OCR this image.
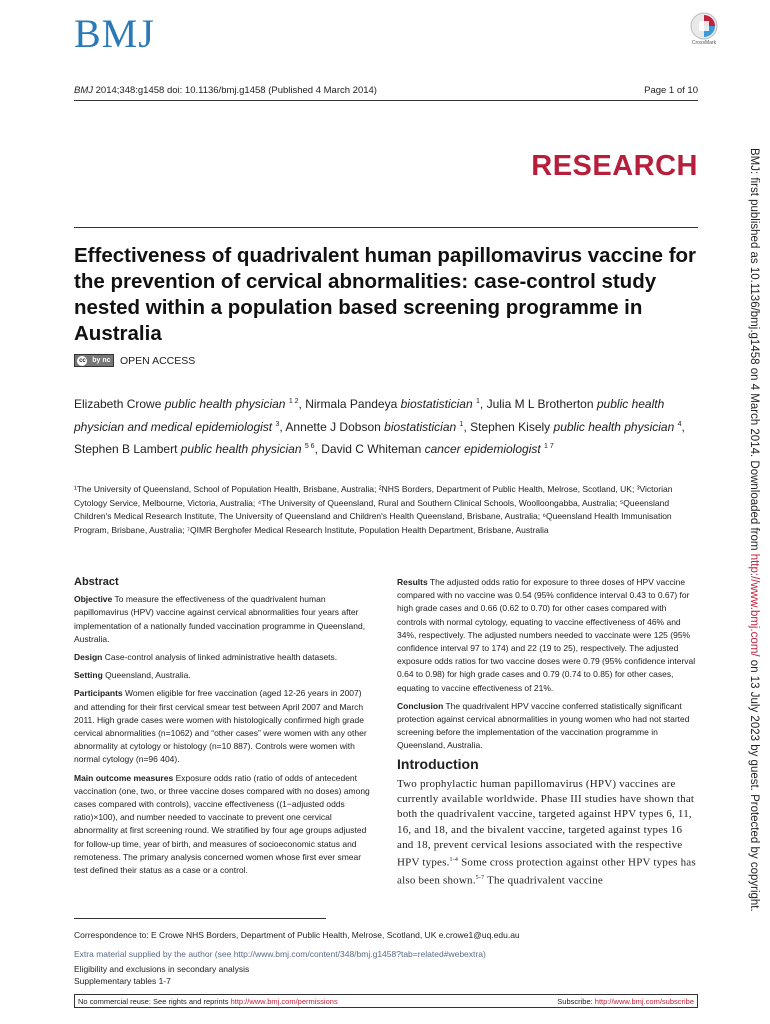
BMJ	CrossMark
BMJ 2014;348:g1458 doi: 10.1136/bmj.g1458 (Published 4 March 2014)	Page 1 of 10
RESEARCH
Effectiveness of quadrivalent human papillomavirus vaccine for the prevention of cervical abnormalities: case-control study nested within a population based screening programme in Australia
cc by nc OPEN ACCESS
Elizabeth Crowe public health physician $^{1 2}$, Nirmala Pandeya biostatistician $^1$, Julia M L Brotherton public health physician and medical epidemiologist $^3$, Annette J Dobson biostatistician $^1$, Stephen Kisely public health physician $^4$, Stephen B Lambert public health physician $^{5 6}$, David C Whiteman cancer epidemiologist $^{1 7}$
¹The University of Queensland, School of Population Health, Brisbane, Australia; ²NHS Borders, Department of Public Health, Melrose, Scotland, UK; ³Victorian Cytology Service, Melbourne, Victoria, Australia; ⁴The University of Queensland, Rural and Southern Clinical Schools, Woolloongabba, Australia; ⁵Queensland Children's Medical Research Institute, The University of Queensland and Children's Health Queensland, Brisbane, Australia; ⁶Queensland Health Immunisation Program, Brisbane, Australia; ⁷QIMR Berghofer Medical Research Institute, Population Health Department, Brisbane, Australia
Abstract
Objective To measure the effectiveness of the quadrivalent human papillomavirus (HPV) vaccine against cervical abnormalities four years after implementation of a nationally funded vaccination programme in Queensland, Australia.
Design Case-control analysis of linked administrative health datasets.
Setting Queensland, Australia.
Participants Women eligible for free vaccination (aged 12-26 years in 2007) and attending for their first cervical smear test between April 2007 and March 2011. High grade cases were women with histologically confirmed high grade cervical abnormalities (n=1062) and “other cases” were women with any other abnormality at cytology or histology (n=10 887). Controls were women with normal cytology (n=96 404).
Main outcome measures Exposure odds ratio (ratio of odds of antecedent vaccination (one, two, or three vaccine doses compared with no doses) among cases compared with controls), vaccine effectiveness ((1−adjusted odds ratio)×100), and number needed to vaccinate to prevent one cervical abnormality at first screening round. We stratified by four age groups adjusted for follow-up time, year of birth, and measures of socioeconomic status and remoteness. The primary analysis concerned women whose first ever smear test defined their status as a case or a control.
Results The adjusted odds ratio for exposure to three doses of HPV vaccine compared with no vaccine was 0.54 (95% confidence interval 0.43 to 0.67) for high grade cases and 0.66 (0.62 to 0.70) for other cases compared with controls with normal cytology, equating to vaccine effectiveness of 46% and 34%, respectively. The adjusted numbers needed to vaccinate were 125 (95% confidence interval 97 to 174) and 22 (19 to 25), respectively. The adjusted exposure odds ratios for two vaccine doses were 0.79 (95% confidence interval 0.64 to 0.98) for high grade cases and 0.79 (0.74 to 0.85) for other cases, equating to vaccine effectiveness of 21%.
Conclusion The quadrivalent HPV vaccine conferred statistically significant protection against cervical abnormalities in young women who had not started screening before the implementation of the vaccination programme in Queensland, Australia.
Introduction
Two prophylactic human papillomavirus (HPV) vaccines are currently available worldwide. Phase III studies have shown that both the quadrivalent vaccine, targeted against HPV types 6, 11, 16, and 18, and the bivalent vaccine, targeted against types 16 and 18, prevent cervical lesions associated with the respective HPV types.$^{1-4}$ Some cross protection against other HPV types has also been shown.$^{5-7}$ The quadrivalent vaccine
Correspondence to: E Crowe NHS Borders, Department of Public Health, Melrose, Scotland, UK e.crowe1@uq.edu.au
Extra material supplied by the author (see http://www.bmj.com/content/348/bmj.g1458?tab=related#webextra)
Eligibility and exclusions in secondary analysis
Supplementary tables 1-7
No commercial reuse: See rights and reprints http://www.bmj.com/permissions	Subscribe: http://www.bmj.com/subscribe
BMJ: first published as 10.1136/bmj.g1458 on 4 March 2014. Downloaded from http://www.bmj.com/ on 13 July 2023 by guest. Protected by copyright.
